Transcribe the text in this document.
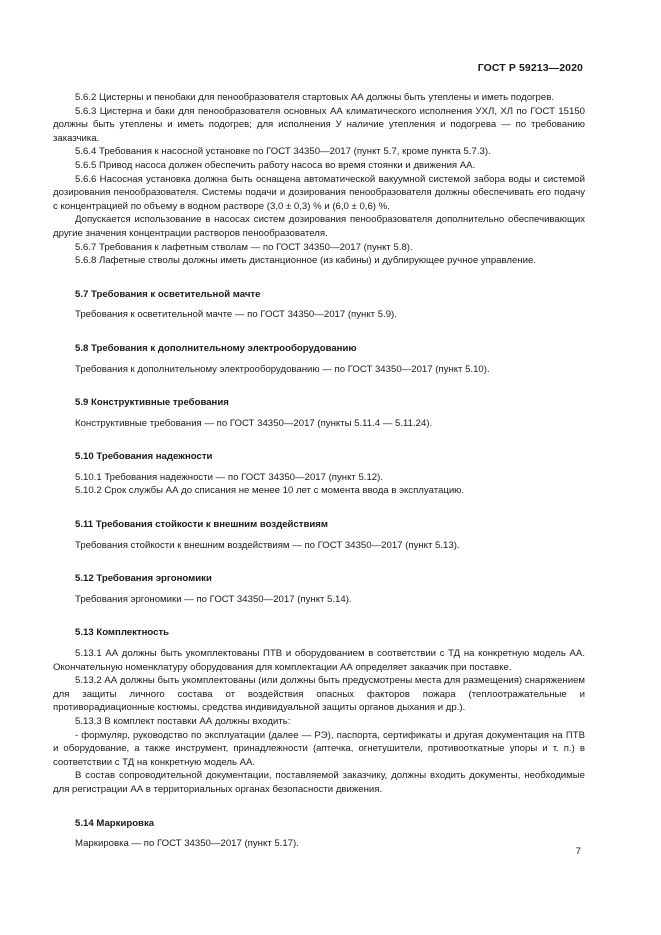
ГОСТ Р 59213—2020

5.6.2 Цистерны и пенобаки для пенообразователя стартовых АА должны быть утеплены и иметь подогрев.

5.6.3 Цистерна и баки для пенообразователя основных АА климатического исполнения УХЛ, ХЛ по ГОСТ 15150 должны быть утеплены и иметь подогрев; для исполнения У наличие утепления и подогрева — по требованию заказчика.

5.6.4 Требования к насосной установке по ГОСТ 34350—2017 (пункт 5.7, кроме пункта 5.7.3).

5.6.5 Привод насоса должен обеспечить работу насоса во время стоянки и движения АА.

5.6.6 Насосная установка должна быть оснащена автоматической вакуумной системой забора воды и системой дозирования пенообразователя. Системы подачи и дозирования пенообразователя должны обеспечивать его подачу с концентрацией по объему в водном растворе (3,0 ± 0,3) % и (6,0 ± 0,6) %.

Допускается использование в насосах систем дозирования пенообразователя дополнительно обеспечивающих другие значения концентрации растворов пенообразователя.

5.6.7 Требования к лафетным стволам — по ГОСТ 34350—2017 (пункт 5.8).

5.6.8 Лафетные стволы должны иметь дистанционное (из кабины) и дублирующее ручное управление.

5.7 Требования к осветительной мачте

Требования к осветительной мачте — по ГОСТ 34350—2017 (пункт 5.9).

5.8 Требования к дополнительному электрооборудованию

Требования к дополнительному электрооборудованию — по ГОСТ 34350—2017 (пункт 5.10).

5.9 Конструктивные требования

Конструктивные требования — по ГОСТ 34350—2017 (пункты 5.11.4 — 5.11.24).

5.10 Требования надежности

5.10.1 Требования надежности — по ГОСТ 34350—2017 (пункт 5.12).

5.10.2 Срок службы АА до списания не менее 10 лет с момента ввода в эксплуатацию.

5.11 Требования стойкости к внешним воздействиям

Требования стойкости к внешним воздействиям — по ГОСТ 34350—2017 (пункт 5.13).

5.12 Требования эргономики

Требования эргономики — по ГОСТ 34350—2017 (пункт 5.14).

5.13 Комплектность

5.13.1 АА должны быть укомплектованы ПТВ и оборудованием в соответствии с ТД на конкретную модель АА. Окончательную номенклатуру оборудования для комплектации АА определяет заказчик при поставке.

5.13.2 АА должны быть укомплектованы (или должны быть предусмотрены места для размещения) снаряжением для защиты личного состава от воздействия опасных факторов пожара (теплоотражательные и противорадиационные костюмы, средства индивидуальной защиты органов дыхания и др.).

5.13.3 В комплект поставки АА должны входить:

- формуляр, руководство по эксплуатации (далее — РЭ), паспорта, сертификаты и другая документация на ПТВ и оборудование, а также инструмент, принадлежности (аптечка, огнетушители, противооткатные упоры и т. п.) в соответствии с ТД на конкретную модель АА.

В состав сопроводительной документации, поставляемой заказчику, должны входить документы, необходимые для регистрации АА в территориальных органах безопасности движения.

5.14 Маркировка

Маркировка — по ГОСТ 34350—2017 (пункт 5.17).

7
